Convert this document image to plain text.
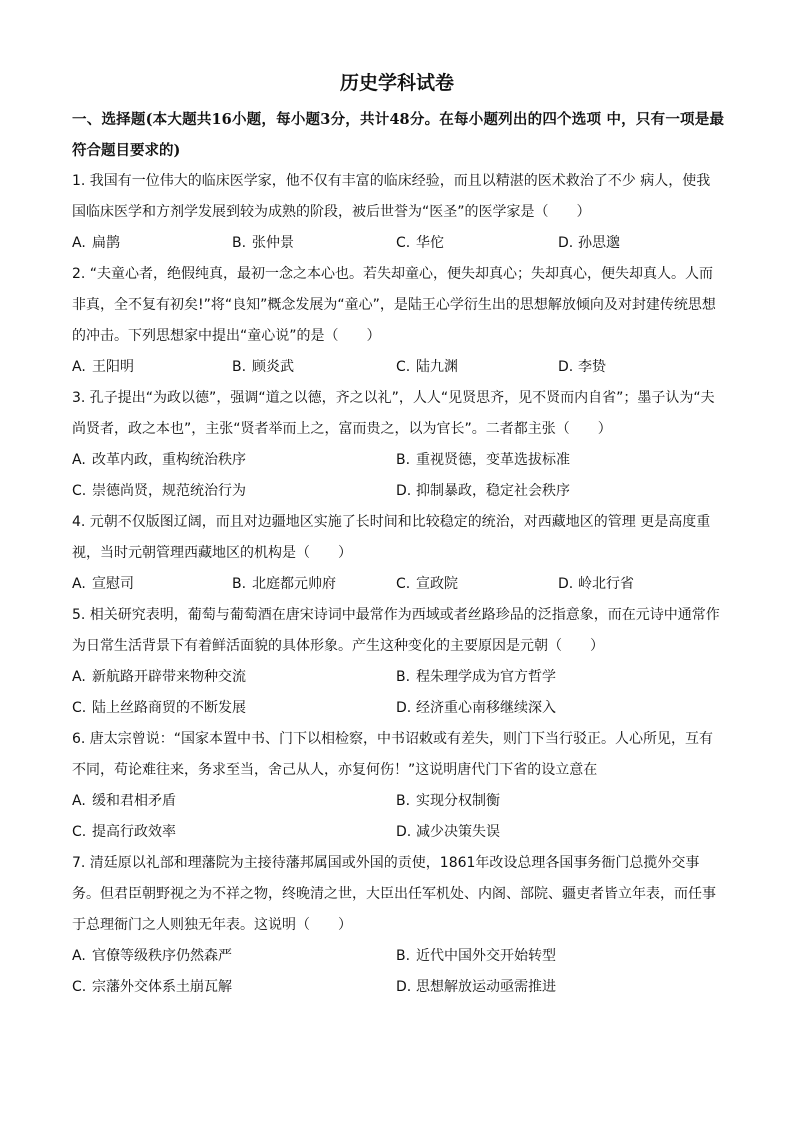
历史学科试卷
一、选择题(本大题共16小题，每小题3分，共计48分。在每小题列出的四个选项 中，只有一项是最符合题目要求的)

1. 我国有一位伟大的临床医学家，他不仅有丰富的临床经验，而且以精湛的医术救治了不少 病人，使我国临床医学和方剂学发展到较为成熟的阶段，被后世誉为“医圣”的医学家是（　　）

A. 扁鹊	B. 张仲景	C. 华佗	D. 孙思邈

2. “夫童心者，绝假纯真，最初一念之本心也。若失却童心，便失却真心；失却真心，便失却真人。人而非真，全不复有初矣!”将“良知”概念发展为“童心”，是陆王心学衍生出的思想解放倾向及对封建传统思想的冲击。下列思想家中提出“童心说”的是（　　）

A. 王阳明	B. 顾炎武	C. 陆九渊	D. 李贽

3. 孔子提出“为政以德”，强调“道之以德，齐之以礼”，人人“见贤思齐，见不贤而内自省”；墨子认为“夫尚贤者，政之本也”，主张“贤者举而上之，富而贵之，以为官长”。二者都主张（　　）

A. 改革内政，重构统治秩序	B. 重视贤德，变革选拔标准
C. 崇德尚贤，规范统治行为	D. 抑制暴政，稳定社会秩序

4. 元朝不仅版图辽阔，而且对边疆地区实施了长时间和比较稳定的统治，对西藏地区的管理 更是高度重视，当时元朝管理西藏地区的机构是（　　）

A. 宣慰司	B. 北庭都元帅府	C. 宣政院	D. 岭北行省

5. 相关研究表明，葡萄与葡萄酒在唐宋诗词中最常作为西域或者丝路珍品的泛指意象，而在元诗中通常作为日常生活背景下有着鲜活面貌的具体形象。产生这种变化的主要原因是元朝（　　）

A. 新航路开辟带来物种交流	B. 程朱理学成为官方哲学
C. 陆上丝路商贸的不断发展	D. 经济重心南移继续深入

6. 唐太宗曾说：“国家本置中书、门下以相检察，中书诏敕或有差失，则门下当行驳正。人心所见，互有不同，苟论难往来，务求至当，舍己从人，亦复何伤！”这说明唐代门下省的设立意在

A. 缓和君相矛盾	B. 实现分权制衡
C. 提高行政效率	D. 减少决策失误

7. 清廷原以礼部和理藩院为主接待藩邦属国或外国的贡使，1861年改设总理各国事务衙门总揽外交事务。但君臣朝野视之为不祥之物，终晚清之世，大臣出任军机处、内阁、部院、疆吏者皆立年表，而任事于总理衙门之人则独无年表。这说明（　　）

A. 官僚等级秩序仍然森严	B. 近代中国外交开始转型
C. 宗藩外交体系土崩瓦解	D. 思想解放运动亟需推进
